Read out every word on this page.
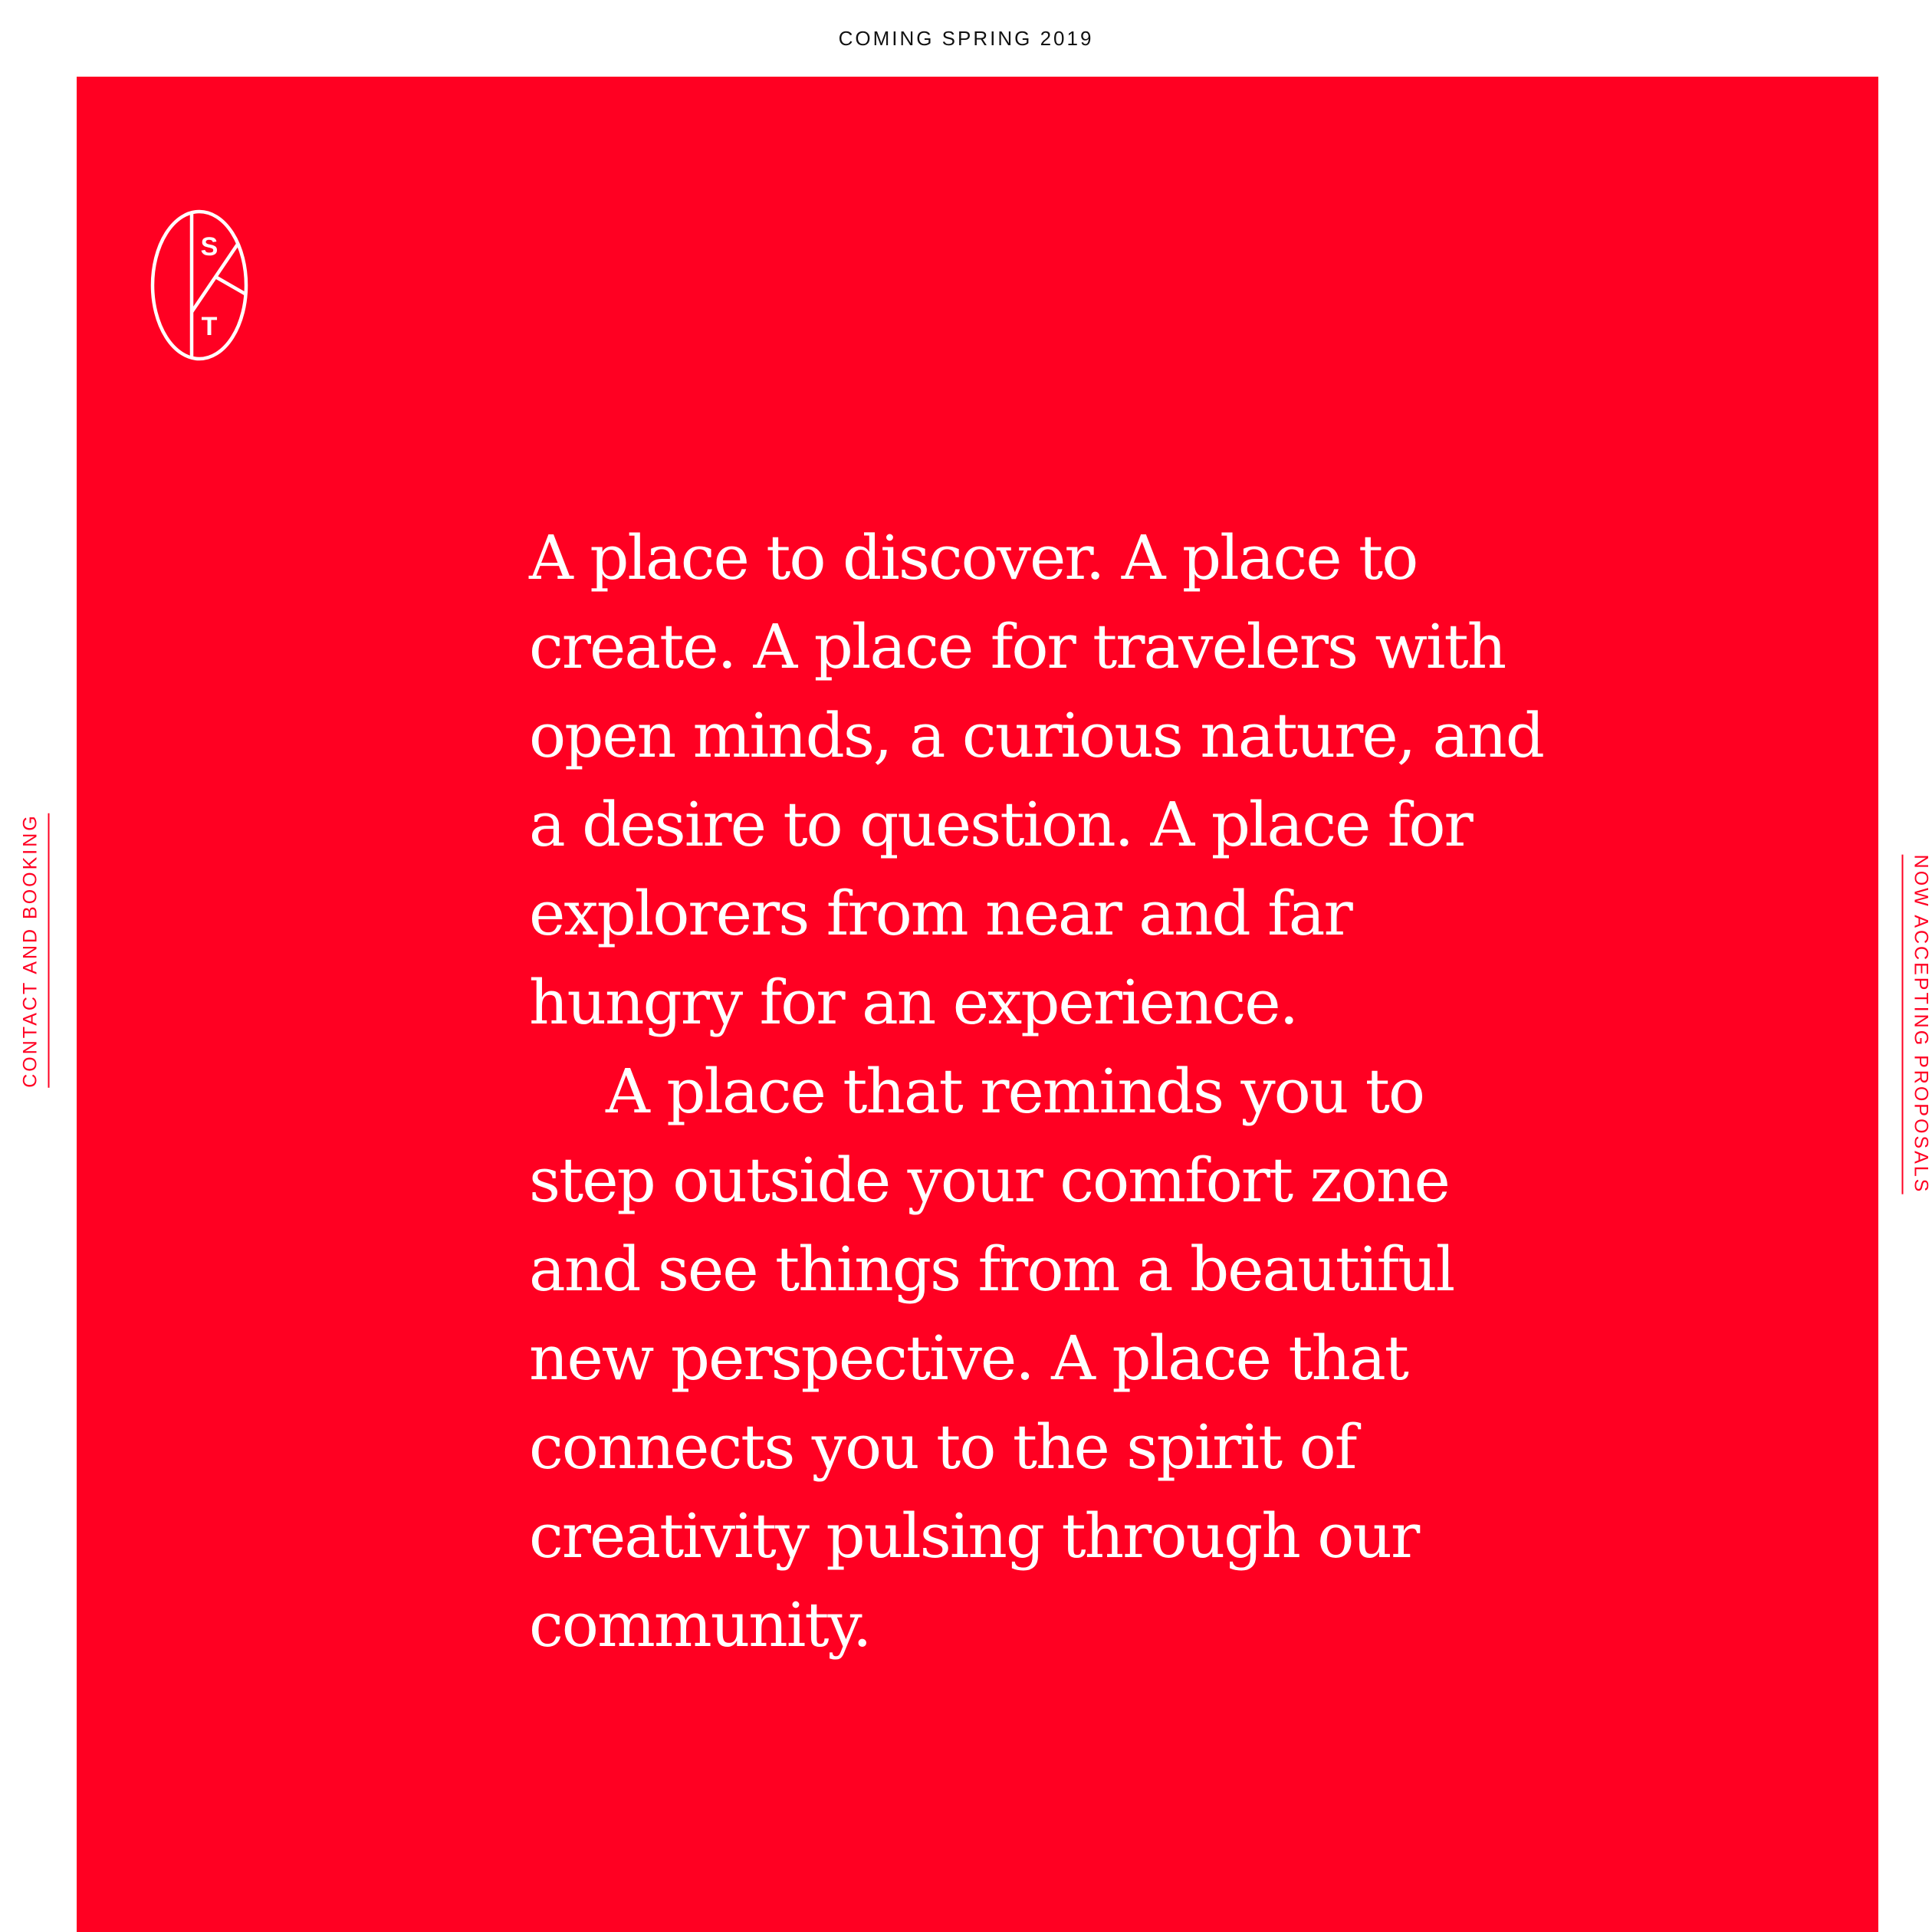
COMING SPRING 2019
S
T

A place to discover. A place to create. A place for travelers with open minds, a curious nature, and a desire to question. A place for explorers from near and far hungry for an experience.

A place that reminds you to step outside your comfort zone and see things from a beautiful new perspective. A place that connects you to the spirit of creativity pulsing through our community.

CONTACT AND BOOKING	NOW ACCEPTING PROPOSALS
